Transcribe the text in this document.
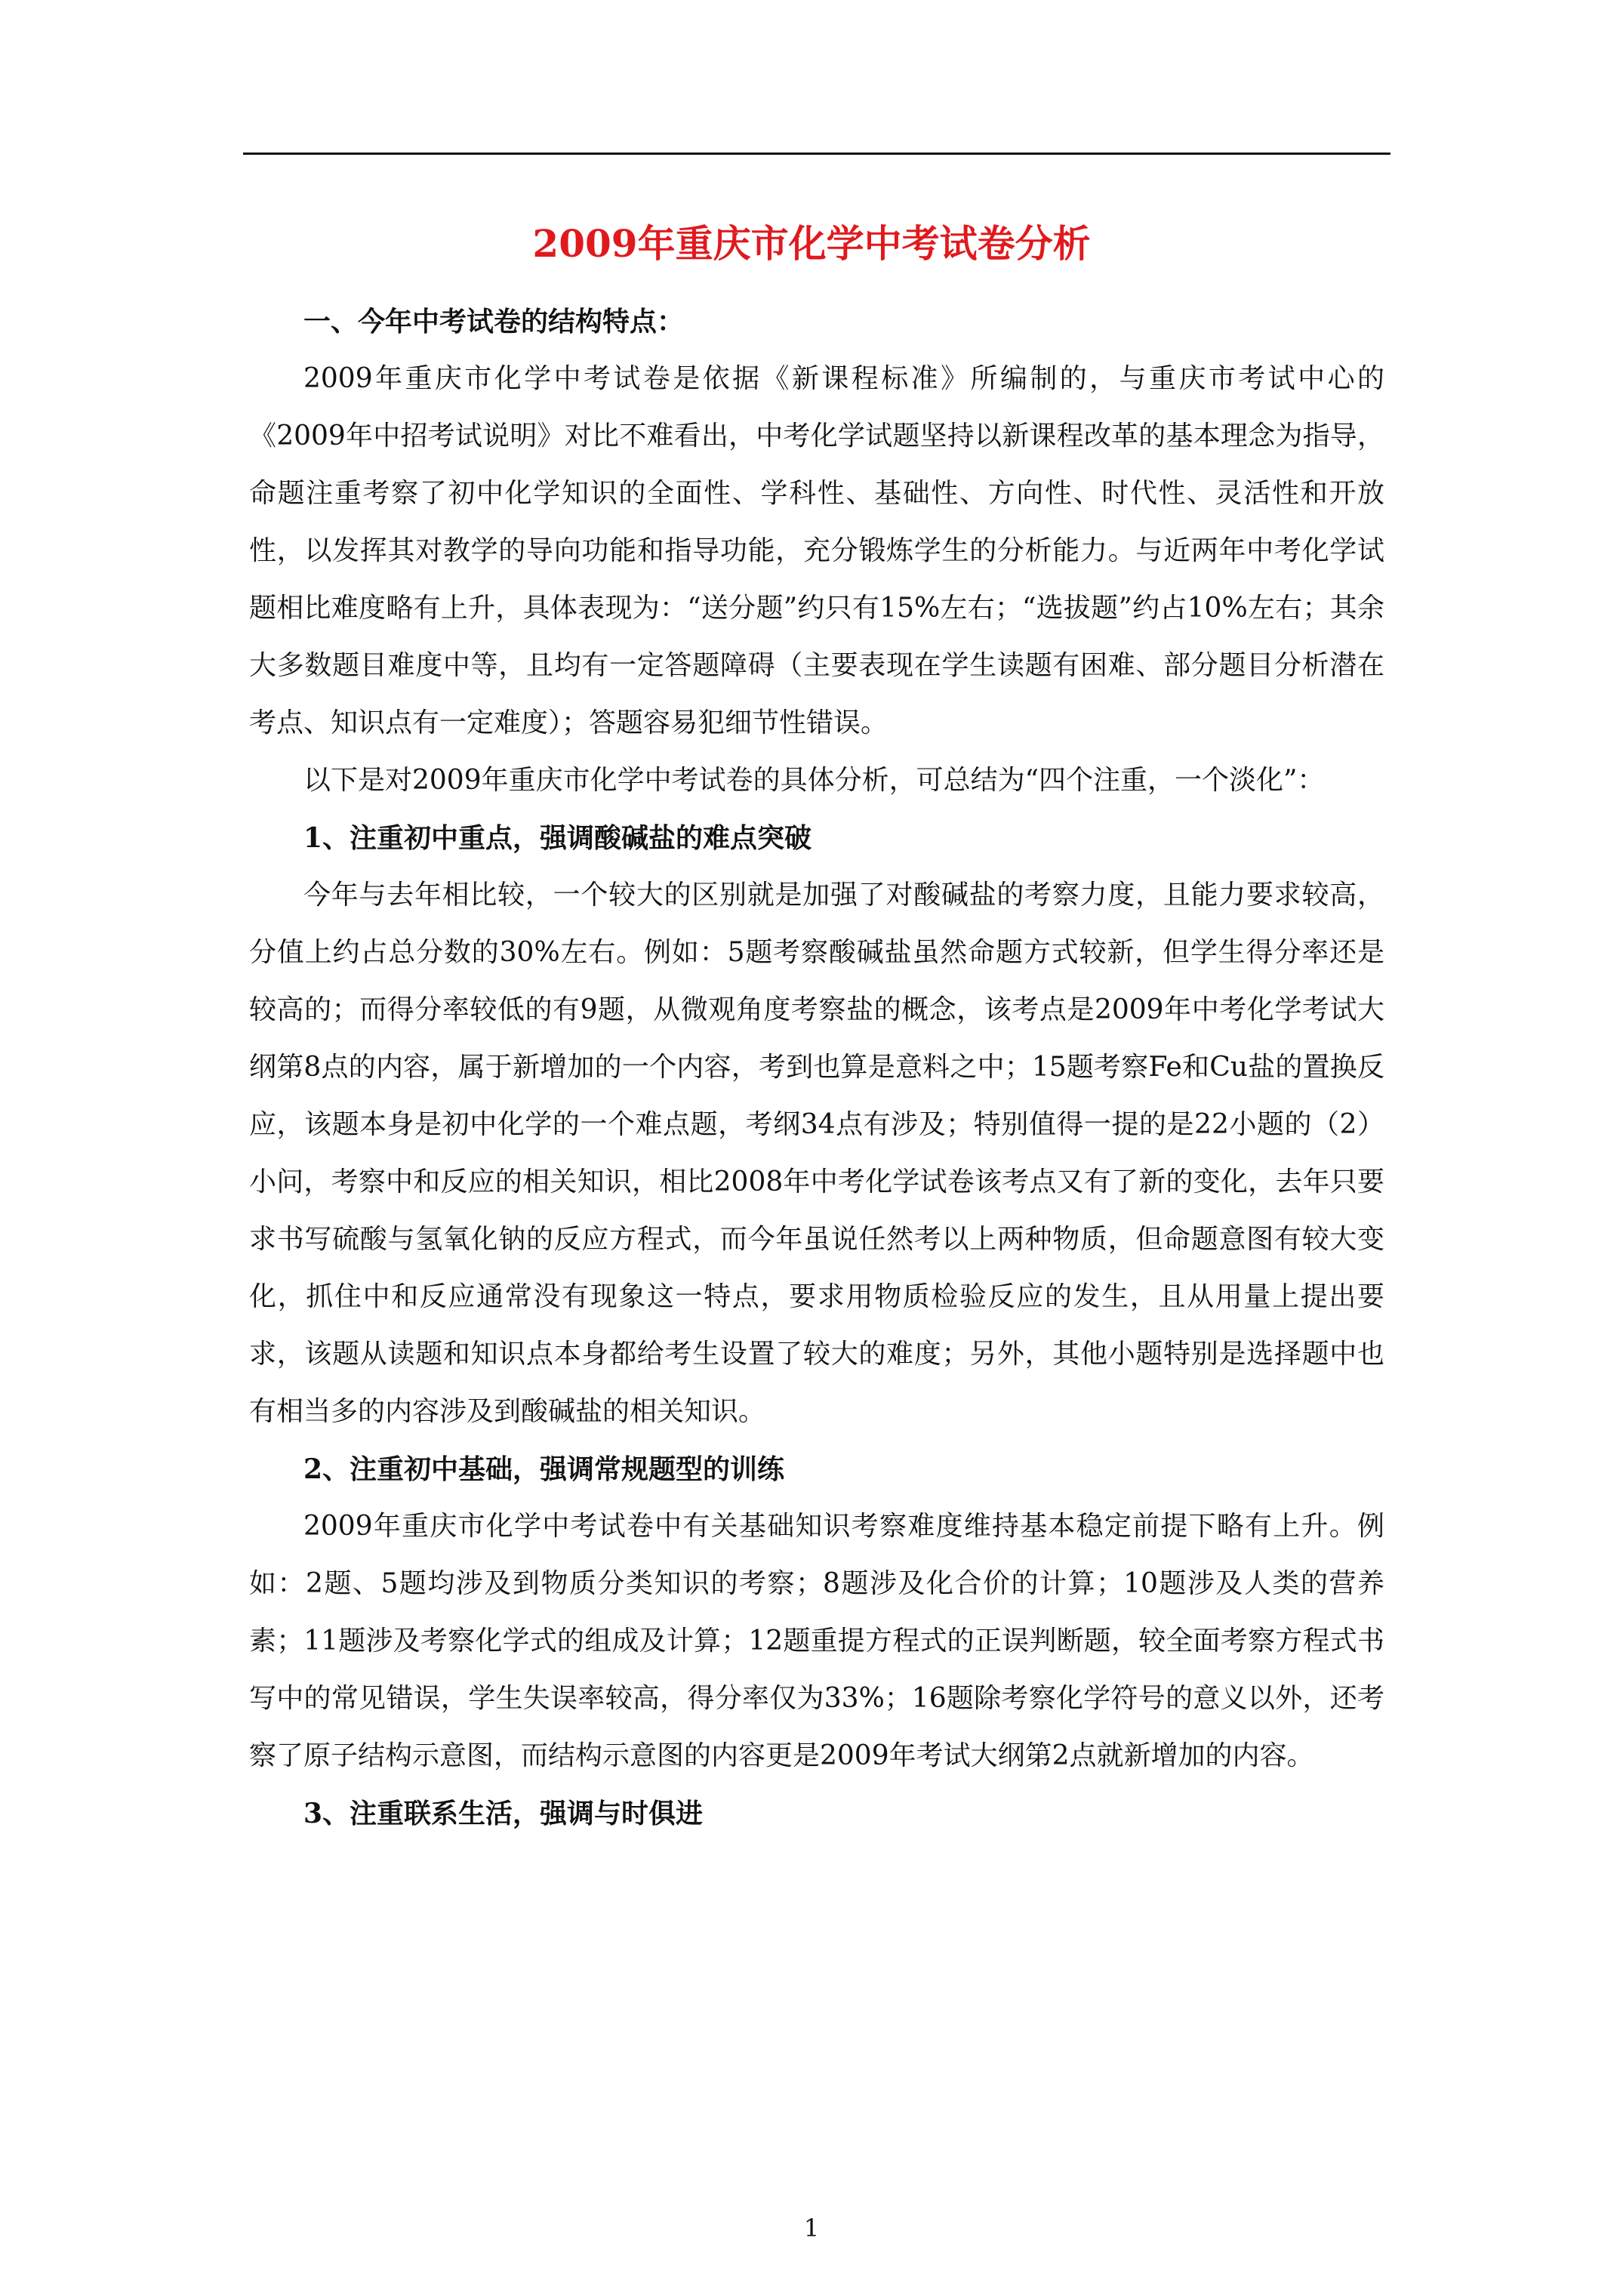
2009年重庆市化学中考试卷分析

一、今年中考试卷的结构特点：

2009年重庆市化学中考试卷是依据《新课程标准》所编制的，与重庆市考试中心的《2009年中招考试说明》对比不难看出，中考化学试题坚持以新课程改革的基本理念为指导，命题注重考察了初中化学知识的全面性、学科性、基础性、方向性、时代性、灵活性和开放性，以发挥其对教学的导向功能和指导功能，充分锻炼学生的分析能力。与近两年中考化学试题相比难度略有上升，具体表现为：“送分题”约只有15%左右；“选拔题”约占10%左右；其余大多数题目难度中等，且均有一定答题障碍（主要表现在学生读题有困难、部分题目分析潜在考点、知识点有一定难度）；答题容易犯细节性错误。

以下是对2009年重庆市化学中考试卷的具体分析，可总结为“四个注重，一个淡化”：

1、注重初中重点，强调酸碱盐的难点突破

今年与去年相比较，一个较大的区别就是加强了对酸碱盐的考察力度，且能力要求较高，分值上约占总分数的30%左右。例如：5题考察酸碱盐虽然命题方式较新，但学生得分率还是较高的；而得分率较低的有9题，从微观角度考察盐的概念，该考点是2009年中考化学考试大纲第8点的内容，属于新增加的一个内容，考到也算是意料之中；15题考察Fe和Cu盐的置换反应，该题本身是初中化学的一个难点题，考纲34点有涉及；特别值得一提的是22小题的（2）小问，考察中和反应的相关知识，相比2008年中考化学试卷该考点又有了新的变化，去年只要求书写硫酸与氢氧化钠的反应方程式，而今年虽说任然考以上两种物质，但命题意图有较大变化，抓住中和反应通常没有现象这一特点，要求用物质检验反应的发生，且从用量上提出要求，该题从读题和知识点本身都给考生设置了较大的难度；另外，其他小题特别是选择题中也有相当多的内容涉及到酸碱盐的相关知识。

2、注重初中基础，强调常规题型的训练

2009年重庆市化学中考试卷中有关基础知识考察难度维持基本稳定前提下略有上升。例如：2题、5题均涉及到物质分类知识的考察；8题涉及化合价的计算；10题涉及人类的营养素；11题涉及考察化学式的组成及计算；12题重提方程式的正误判断题，较全面考察方程式书写中的常见错误，学生失误率较高，得分率仅为33%；16题除考察化学符号的意义以外，还考察了原子结构示意图，而结构示意图的内容更是2009年考试大纲第2点就新增加的内容。

3、注重联系生活，强调与时俱进

1
